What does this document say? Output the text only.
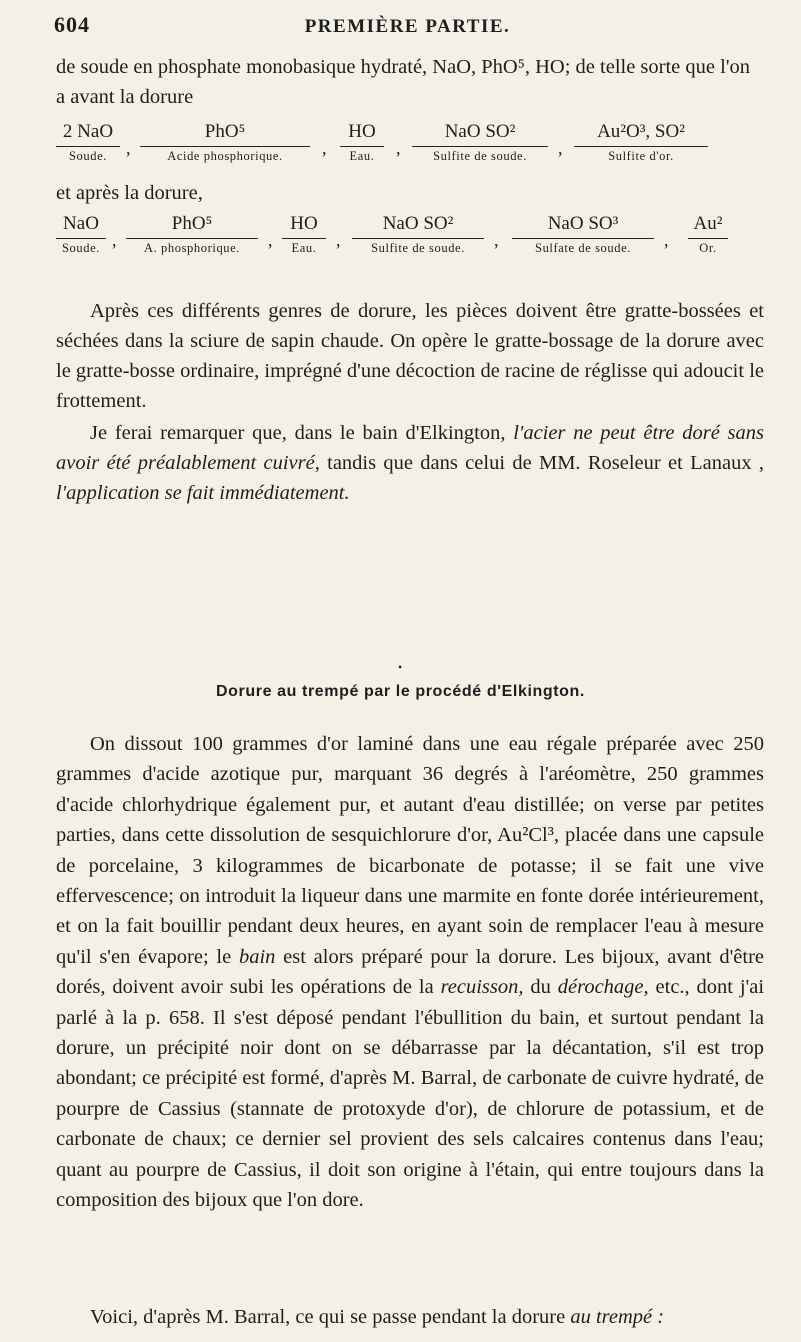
604	PREMIÈRE PARTIE.
de soude en phosphate monobasique hydraté, NaO, PhO⁵, HO; de telle sorte que l'on a avant la dorure
2 NaO
Soude.	,
PhO⁵
Acide phosphorique.	,
HO
Eau.	,
NaO SO²
Sulfite de soude.	,
Au²O³, SO²
Sulfite d'or.
et après la dorure,
NaO
Soude. ,
PhO⁵
A. phosphorique.	,
HO
Eau.	,
NaO SO²
Sulfite de soude.	,
NaO SO³
Sulfate de soude.	,
Au²
Or.
Après ces différents genres de dorure, les pièces doivent être gratte-bossées et séchées dans la sciure de sapin chaude. On opère le gratte-bossage de la dorure avec le gratte-bosse ordinaire, imprégné d'une décoction de racine de réglisse qui adoucit le frottement.
Je ferai remarquer que, dans le bain d'Elkington, l'acier ne peut être doré sans avoir été préalablement cuivré, tandis que dans celui de MM. Roseleur et Lanaux , l'application se fait immédiatement.
•
Dorure au trempé par le procédé d'Elkington.
On dissout 100 grammes d'or laminé dans une eau régale préparée avec 250 grammes d'acide azotique pur, marquant 36 degrés à l'aréomètre, 250 grammes d'acide chlorhydrique également pur, et autant d'eau distillée; on verse par petites parties, dans cette dissolution de sesquichlorure d'or, Au²Cl³, placée dans une capsule de porcelaine, 3 kilogrammes de bicarbonate de potasse; il se fait une vive effervescence; on introduit la liqueur dans une marmite en fonte dorée intérieurement, et on la fait bouillir pendant deux heures, en ayant soin de remplacer l'eau à mesure qu'il s'en évapore; le bain est alors préparé pour la dorure. Les bijoux, avant d'être dorés, doivent avoir subi les opérations de la recuisson, du dérochage, etc., dont j'ai parlé à la p. 658. Il s'est déposé pendant l'ébullition du bain, et surtout pendant la dorure, un précipité noir dont on se débarrasse par la décantation, s'il est trop abondant; ce précipité est formé, d'après M. Barral, de carbonate de cuivre hydraté, de pourpre de Cassius (stannate de protoxyde d'or), de chlorure de potassium, et de carbonate de chaux; ce dernier sel provient des sels calcaires contenus dans l'eau; quant au pourpre de Cassius, il doit son origine à l'étain, qui entre toujours dans la composition des bijoux que l'on dore.
Voici, d'après M. Barral, ce qui se passe pendant la dorure au trempé :
